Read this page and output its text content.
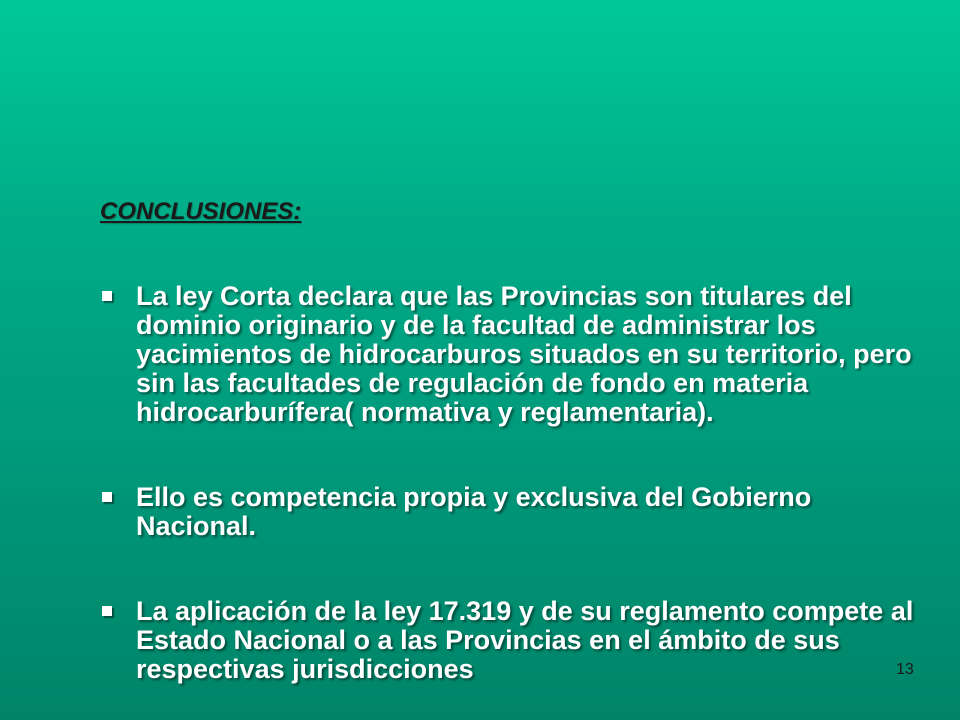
CONCLUSIONES:
La ley Corta declara que las Provincias son titulares del dominio originario y de la facultad de administrar los yacimientos de hidrocarburos situados en su territorio, pero sin las facultades de regulación de fondo en materia hidrocarburífera( normativa y reglamentaria).
Ello es competencia propia y exclusiva del Gobierno Nacional.
La aplicación de la ley 17.319 y de su reglamento compete al Estado Nacional o a las Provincias en el ámbito de sus respectivas jurisdicciones	13
